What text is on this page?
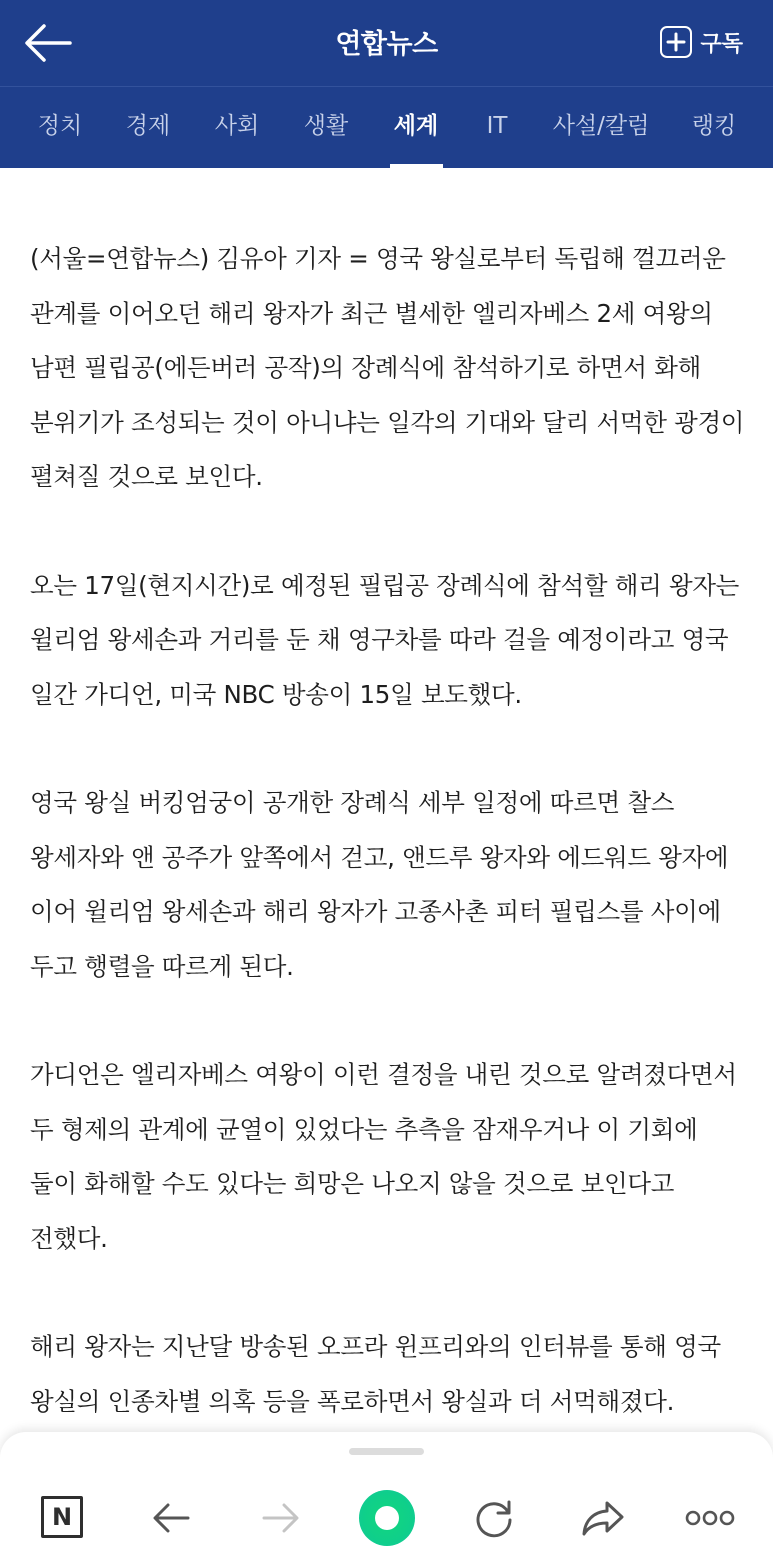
연합뉴스	구독
정치 경제 사회 생활 세계 IT 사설/칼럼 랭킹

(서울=연합뉴스) 김유아 기자 = 영국 왕실로부터 독립해 껄끄러운 관계를 이어오던 해리 왕자가 최근 별세한 엘리자베스 2세 여왕의 남편 필립공(에든버러 공작)의 장례식에 참석하기로 하면서 화해 분위기가 조성되는 것이 아니냐는 일각의 기대와 달리 서먹한 광경이 펼쳐질 것으로 보인다.

오는 17일(현지시간)로 예정된 필립공 장례식에 참석할 해리 왕자는 윌리엄 왕세손과 거리를 둔 채 영구차를 따라 걸을 예정이라고 영국 일간 가디언, 미국 NBC 방송이 15일 보도했다.

영국 왕실 버킹엄궁이 공개한 장례식 세부 일정에 따르면 찰스 왕세자와 앤 공주가 앞쪽에서 걷고, 앤드루 왕자와 에드워드 왕자에 이어 윌리엄 왕세손과 해리 왕자가 고종사촌 피터 필립스를 사이에 두고 행렬을 따르게 된다.

가디언은 엘리자베스 여왕이 이런 결정을 내린 것으로 알려졌다면서 두 형제의 관계에 균열이 있었다는 추측을 잠재우거나 이 기회에 둘이 화해할 수도 있다는 희망은 나오지 않을 것으로 보인다고 전했다.

해리 왕자는 지난달 방송된 오프라 윈프리와의 인터뷰를 통해 영국 왕실의 인종차별 의혹 등을 폭로하면서 왕실과 더 서먹해졌다.

N
